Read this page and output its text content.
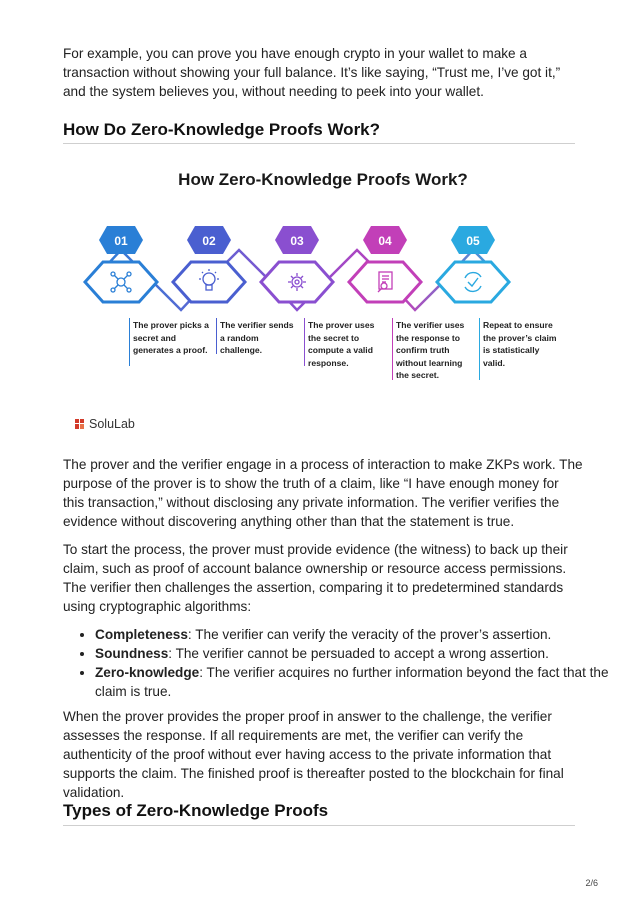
For example, you can prove you have enough crypto in your wallet to make a transaction without showing your full balance. It’s like saying, “Trust me, I’ve got it,” and the system believes you, without needing to peek into your wallet.

How Do Zero-Knowledge Proofs Work?
How Zero-Knowledge Proofs Work?
01	02	03	04	05
The prover picks a secret and generates a proof.
The verifier sends a random challenge.
The prover uses the secret to compute a valid response.
The verifier uses the response to confirm truth without learning the secret.
Repeat to ensure the prover’s claim is statistically valid.
SoluLab

The prover and the verifier engage in a process of interaction to make ZKPs work. The purpose of the prover is to show the truth of a claim, like “I have enough money for this transaction,” without disclosing any private information. The verifier verifies the evidence without discovering anything other than that the statement is true.

To start the process, the prover must provide evidence (the witness) to back up their claim, such as proof of account balance ownership or resource access permissions. The verifier then challenges the assertion, comparing it to predetermined standards using cryptographic algorithms:

• Completeness: The verifier can verify the veracity of the prover’s assertion.
• Soundness: The verifier cannot be persuaded to accept a wrong assertion.
• Zero-knowledge: The verifier acquires no further information beyond the fact that the claim is true.

When the prover provides the proper proof in answer to the challenge, the verifier assesses the response. If all requirements are met, the verifier can verify the authenticity of the proof without ever having access to the private information that supports the claim. The finished proof is thereafter posted to the blockchain for final validation.

Types of Zero-Knowledge Proofs
2/6
